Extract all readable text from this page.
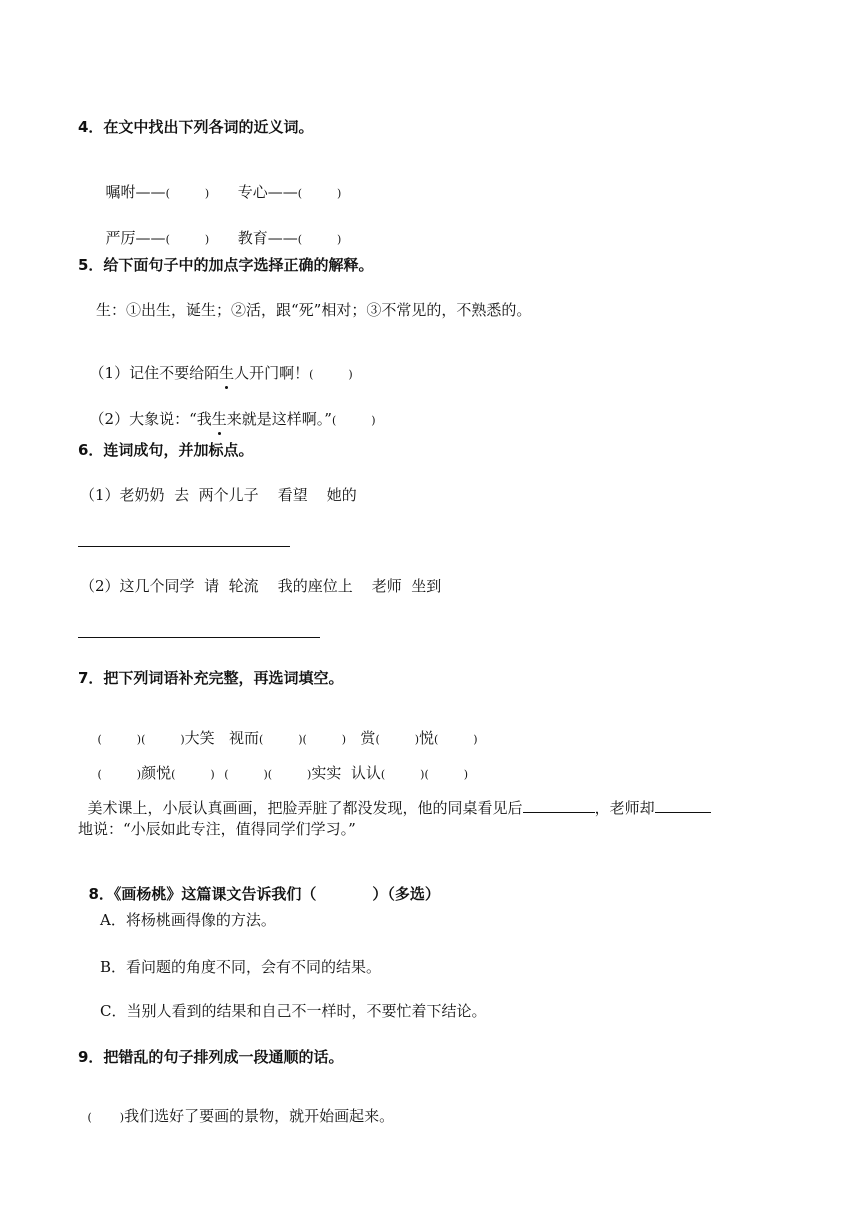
4．在文中找出下列各词的近义词。

嘱咐——(          ) 专心——(          )

严厉——(          ) 教育——(          )

5．给下面句子中的加点字选择正确的解释。
生：①出生，诞生；②活，跟“死”相对；③不常见的，不熟悉的。

（1）记住不要给陌生人开门啊！(          )

（2）大象说：“我生来就是这样啊。”(          )

6．连词成句，并加标点。
（1）老奶奶  去  两个儿子    看望    她的
（2）这几个同学  请  轮流    我的座位上    老师  坐到
7．把下列词语补充完整，再选词填空。

(          )(          )大笑 视而(          )(          ) 赏(          )悦(          )

(          )颜悦(          ) (          )(          )实实 认认(          )(          )

美术课上，小辰认真画画，把脸弄脏了都没发现，他的同桌看见后	，老师却

地说：“小辰如此专注，值得同学们学习。”

8．《画杨桃》这篇课文告诉我们（	）（多选）

A．将杨桃画得像的方法。
B．看问题的角度不同，会有不同的结果。
C．当别人看到的结果和自己不一样时，不要忙着下结论。
9．把错乱的句子排列成一段通顺的话。

(        )我们选好了要画的景物，就开始画起来。
